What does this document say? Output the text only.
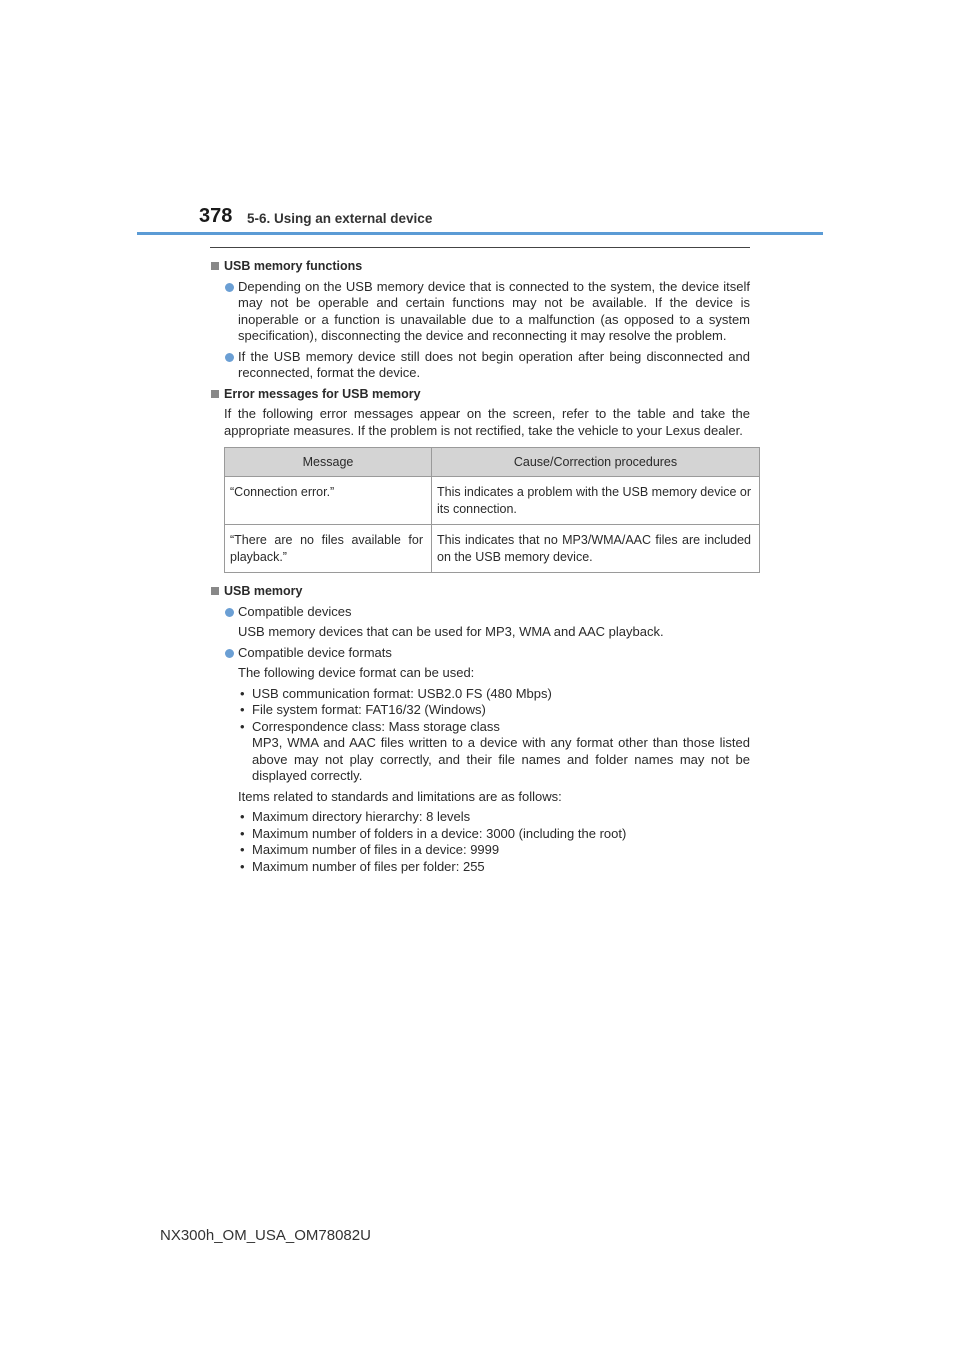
378 5-6. Using an external device
USB memory functions
Depending on the USB memory device that is connected to the system, the device itself may not be operable and certain functions may not be available. If the device is inoperable or a function is unavailable due to a malfunction (as opposed to a system specification), disconnecting the device and reconnecting it may resolve the problem.
If the USB memory device still does not begin operation after being disconnected and reconnected, format the device.
Error messages for USB memory
If the following error messages appear on the screen, refer to the table and take the appropriate measures. If the problem is not rectified, take the vehicle to your Lexus dealer.
Message	Cause/Correction procedures
“Connection error.”	This indicates a problem with the USB memory device or its connection.
“There are no files available for playback.”	This indicates that no MP3/WMA/AAC files are included on the USB memory device.
USB memory
Compatible devices
USB memory devices that can be used for MP3, WMA and AAC playback.
Compatible device formats
The following device format can be used:
• USB communication format: USB2.0 FS (480 Mbps)
• File system format: FAT16/32 (Windows)
• Correspondence class: Mass storage class
MP3, WMA and AAC files written to a device with any format other than those listed above may not play correctly, and their file names and folder names may not be displayed correctly.
Items related to standards and limitations are as follows:
• Maximum directory hierarchy: 8 levels
• Maximum number of folders in a device: 3000 (including the root)
• Maximum number of files in a device: 9999
• Maximum number of files per folder: 255
NX300h_OM_USA_OM78082U
